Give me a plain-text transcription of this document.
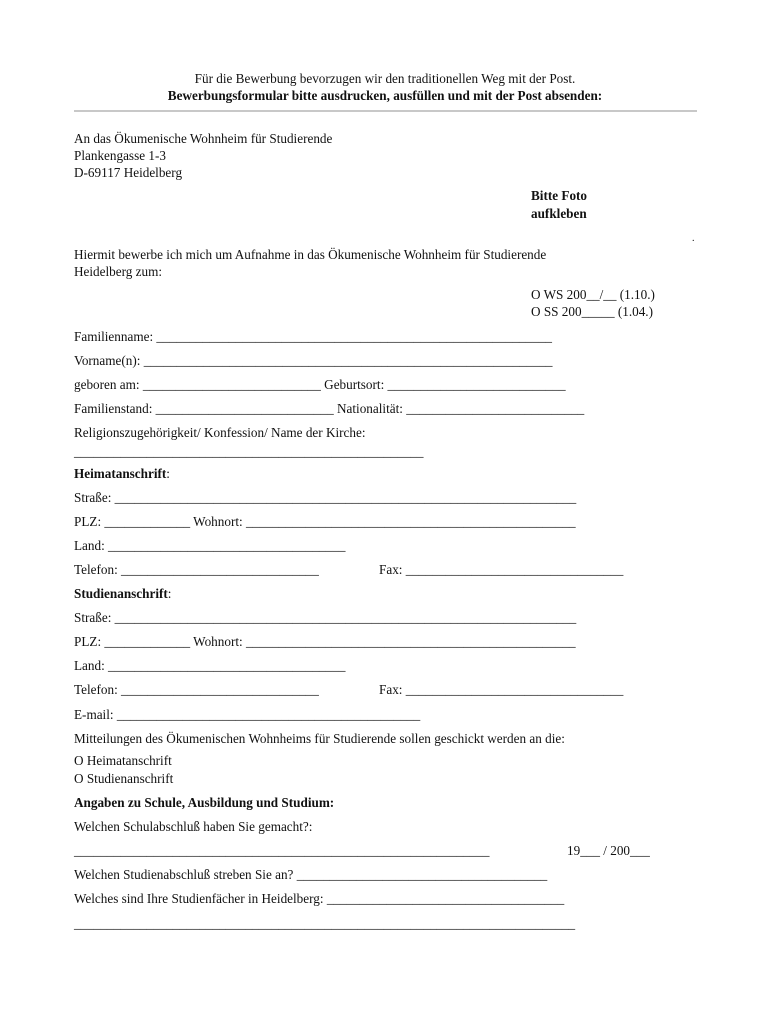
Für die Bewerbung bevorzugen wir den traditionellen Weg mit der Post.
Bewerbungsformular bitte ausdrucken, ausfüllen und mit der Post absenden:
An das Ökumenische Wohnheim für Studierende
Plankengasse 1-3
D-69117 Heidelberg
Bitte Foto
aufkleben
.
Hiermit bewerbe ich mich um Aufnahme in das Ökumenische Wohnheim für Studierende
Heidelberg zum:
O WS 200__/__ (1.10.)
O SS 200_____ (1.04.)
Familienname: ____________________________________________________________
Vorname(n): ______________________________________________________________
geboren am: ___________________________ Geburtsort: ___________________________
Familienstand: ___________________________ Nationalität: ___________________________
Religionszugehörigkeit/ Konfession/ Name der Kirche:
_____________________________________________________
Heimatanschrift:
Straße: ______________________________________________________________________
PLZ: _____________ Wohnort: __________________________________________________
Land: ____________________________________
Telefon: ______________________________	Fax: _________________________________
Studienanschrift:
Straße: ______________________________________________________________________
PLZ: _____________ Wohnort: __________________________________________________
Land: ____________________________________
Telefon: ______________________________	Fax: _________________________________
E-mail: ______________________________________________
Mitteilungen des Ökumenischen Wohnheims für Studierende sollen geschickt werden an die:
O Heimatanschrift
O Studienanschrift
Angaben zu Schule, Ausbildung und Studium:
Welchen Schulabschluß haben Sie gemacht?:
_______________________________________________________________	19___ / 200___
Welchen Studienabschluß streben Sie an? ______________________________________
Welches sind Ihre Studienfächer in Heidelberg: ____________________________________
____________________________________________________________________________
